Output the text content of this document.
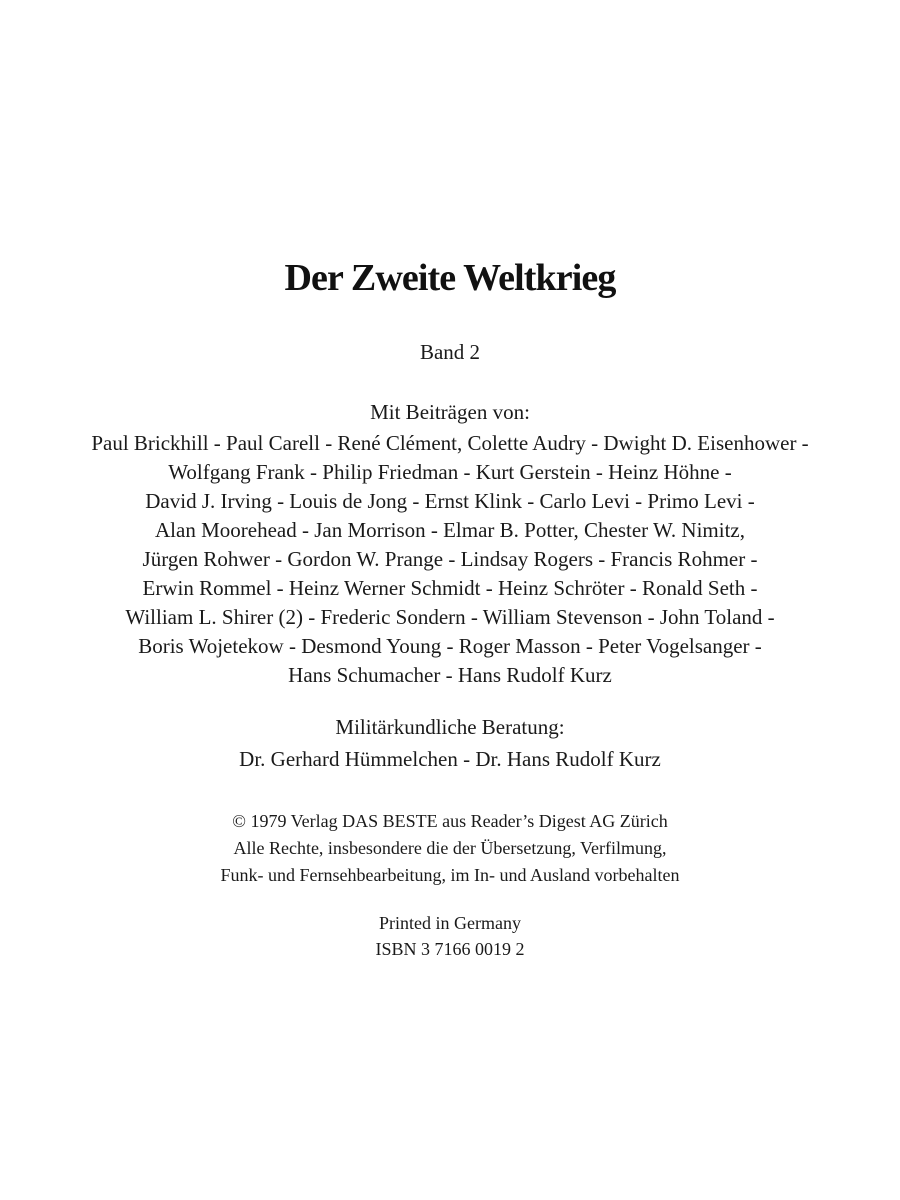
Der Zweite Weltkrieg
Band 2
Mit Beiträgen von:
Paul Brickhill - Paul Carell - René Clément, Colette Audry - Dwight D. Eisenhower -
Wolfgang Frank - Philip Friedman - Kurt Gerstein - Heinz Höhne -
David J. Irving - Louis de Jong - Ernst Klink - Carlo Levi - Primo Levi -
Alan Moorehead - Jan Morrison - Elmar B. Potter, Chester W. Nimitz,
Jürgen Rohwer - Gordon W. Prange - Lindsay Rogers - Francis Rohmer -
Erwin Rommel - Heinz Werner Schmidt - Heinz Schröter - Ronald Seth -
William L. Shirer (2) - Frederic Sondern - William Stevenson - John Toland -
Boris Wojetekow - Desmond Young - Roger Masson - Peter Vogelsanger -
Hans Schumacher - Hans Rudolf Kurz
Militärkundliche Beratung:
Dr. Gerhard Hümmelchen - Dr. Hans Rudolf Kurz
© 1979 Verlag DAS BESTE aus Reader’s Digest AG Zürich
Alle Rechte, insbesondere die der Übersetzung, Verfilmung,
Funk- und Fernsehbearbeitung, im In- und Ausland vorbehalten
Printed in Germany
ISBN 3 7166 0019 2
